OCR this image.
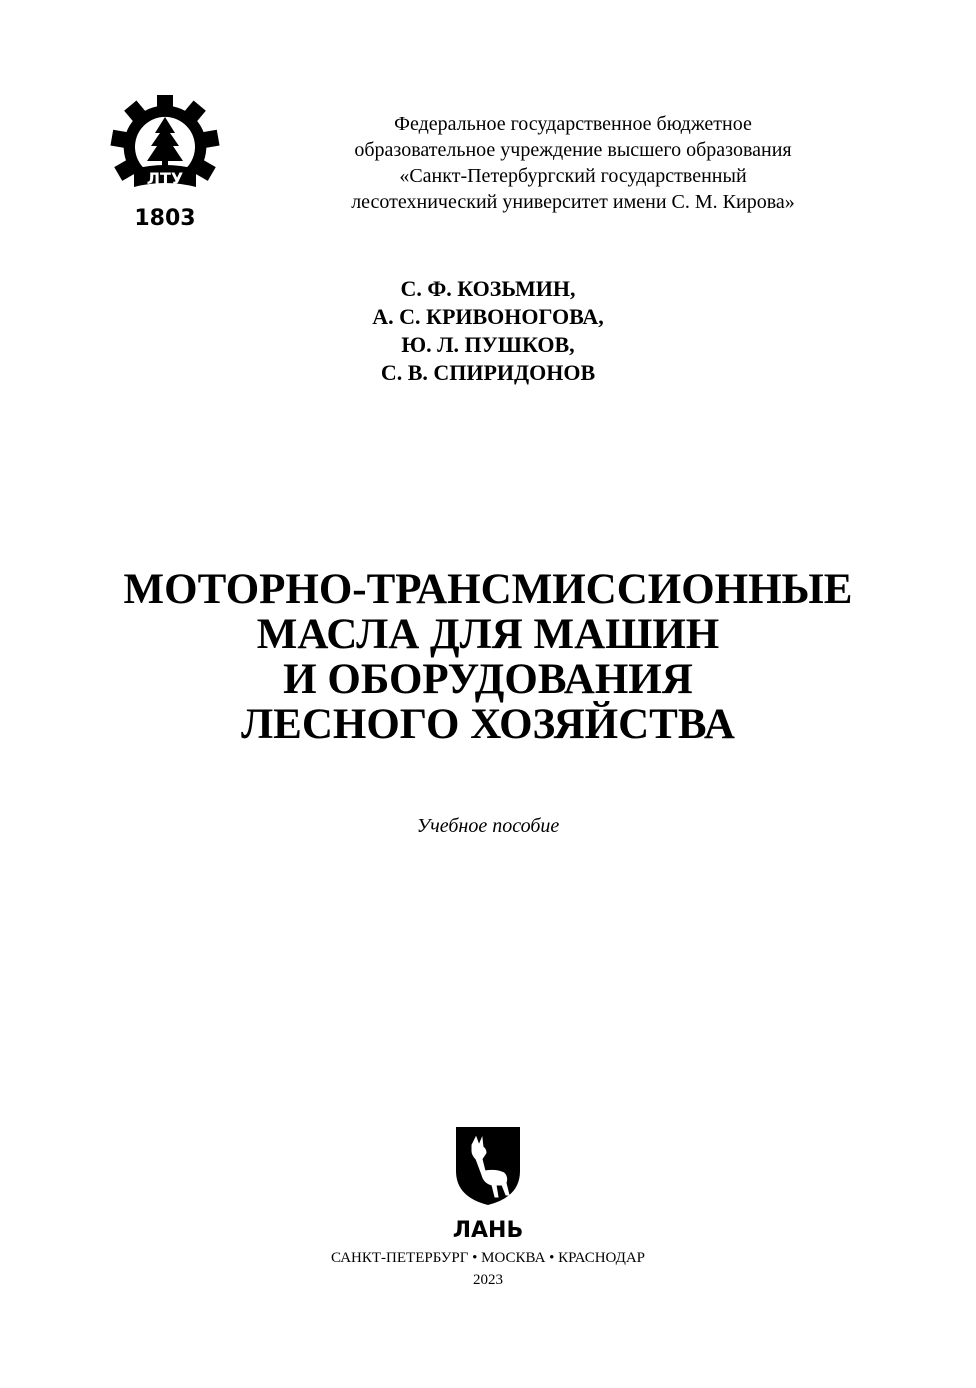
ЛТУ
1803
Федеральное государственное бюджетное
образовательное учреждение высшего образования
«Санкт-Петербургский государственный
лесотехнический университет имени С. М. Кирова»
С. Ф. КОЗЬМИН,
А. С. КРИВОНОГОВА,
Ю. Л. ПУШКОВ,
С. В. СПИРИДОНОВ
МОТОРНО-ТРАНСМИССИОННЫЕ
МАСЛА ДЛЯ МАШИН
И ОБОРУДОВАНИЯ
ЛЕСНОГО ХОЗЯЙСТВА
Учебное пособие
ЛАНЬ
САНКТ-ПЕТЕРБУРГ • МОСКВА • КРАСНОДАР
2023
